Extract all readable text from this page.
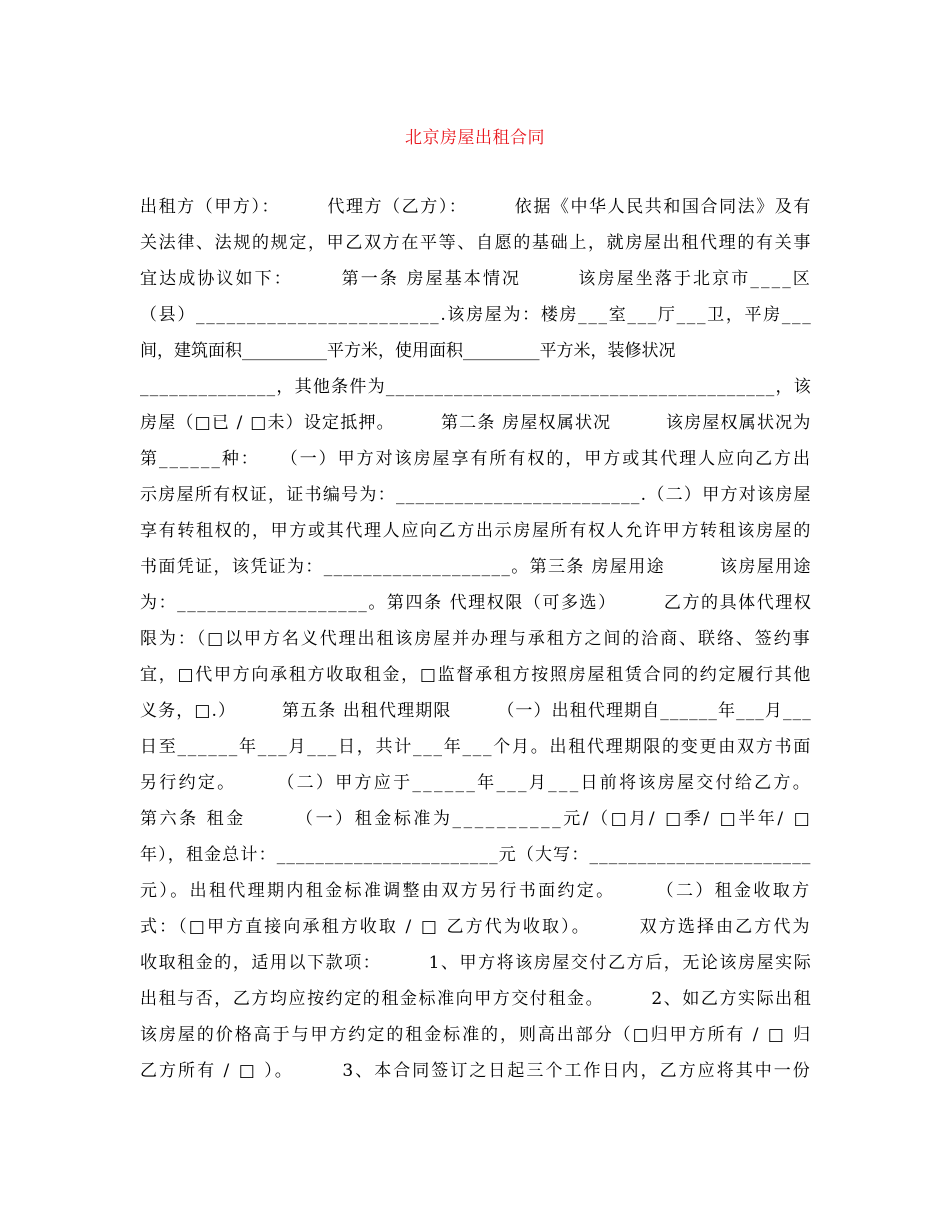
北京房屋出租合同
出租方（甲方）：　　　代理方（乙方）：　　　依据《中华人民共和国合同法》及有
关法律、法规的规定，甲乙双方在平等、自愿的基础上，就房屋出租代理的有关事
宜达成协议如下：　　　第一条 房屋基本情况　　　该房屋坐落于北京市____区
（县）________________________.该房屋为：楼房___室___厅___卫，平房___
间，建筑面积__________平方米，使用面积_________平方米，装修状况
______________，其他条件为________________________________________，该
房屋（□已 / □未）设定抵押。　　　第二条 房屋权属状况　　　该房屋权属状况为
第______种：　　（一）甲方对该房屋享有所有权的，甲方或其代理人应向乙方出
示房屋所有权证，证书编号为：_________________________.（二）甲方对该房屋
享有转租权的，甲方或其代理人应向乙方出示房屋所有权人允许甲方转租该房屋的
书面凭证，该凭证为：___________________。第三条 房屋用途　　　该房屋用途
为：___________________。第四条 代理权限（可多选）　　　乙方的具体代理权
限为：（□以甲方名义代理出租该房屋并办理与承租方之间的洽商、联络、签约事
宜，□代甲方向承租方收取租金，□监督承租方按照房屋租赁合同的约定履行其他
义务，□.）　　　第五条 出租代理期限　　　（一）出租代理期自______年___月___
日至______年___月___日，共计___年___个月。出租代理期限的变更由双方书面
另行约定。　　　（二）甲方应于______年___月___日前将该房屋交付给乙方。
第六条 租金　　　（一）租金标准为__________元/（□月/ □季/ □半年/ □
年），租金总计：_______________________元（大写：_______________________
元）。出租代理期内租金标准调整由双方另行书面约定。　　　（二）租金收取方
式：（□甲方直接向承租方收取 / □ 乙方代为收取）。　　　双方选择由乙方代为
收取租金的，适用以下款项：　　　1、甲方将该房屋交付乙方后，无论该房屋实际
出租与否，乙方均应按约定的租金标准向甲方交付租金。　　　2、如乙方实际出租
该房屋的价格高于与甲方约定的租金标准的，则高出部分（□归甲方所有 / □ 归
乙方所有 / □ ）。　　　3、本合同签订之日起三个工作日内，乙方应将其中一份
